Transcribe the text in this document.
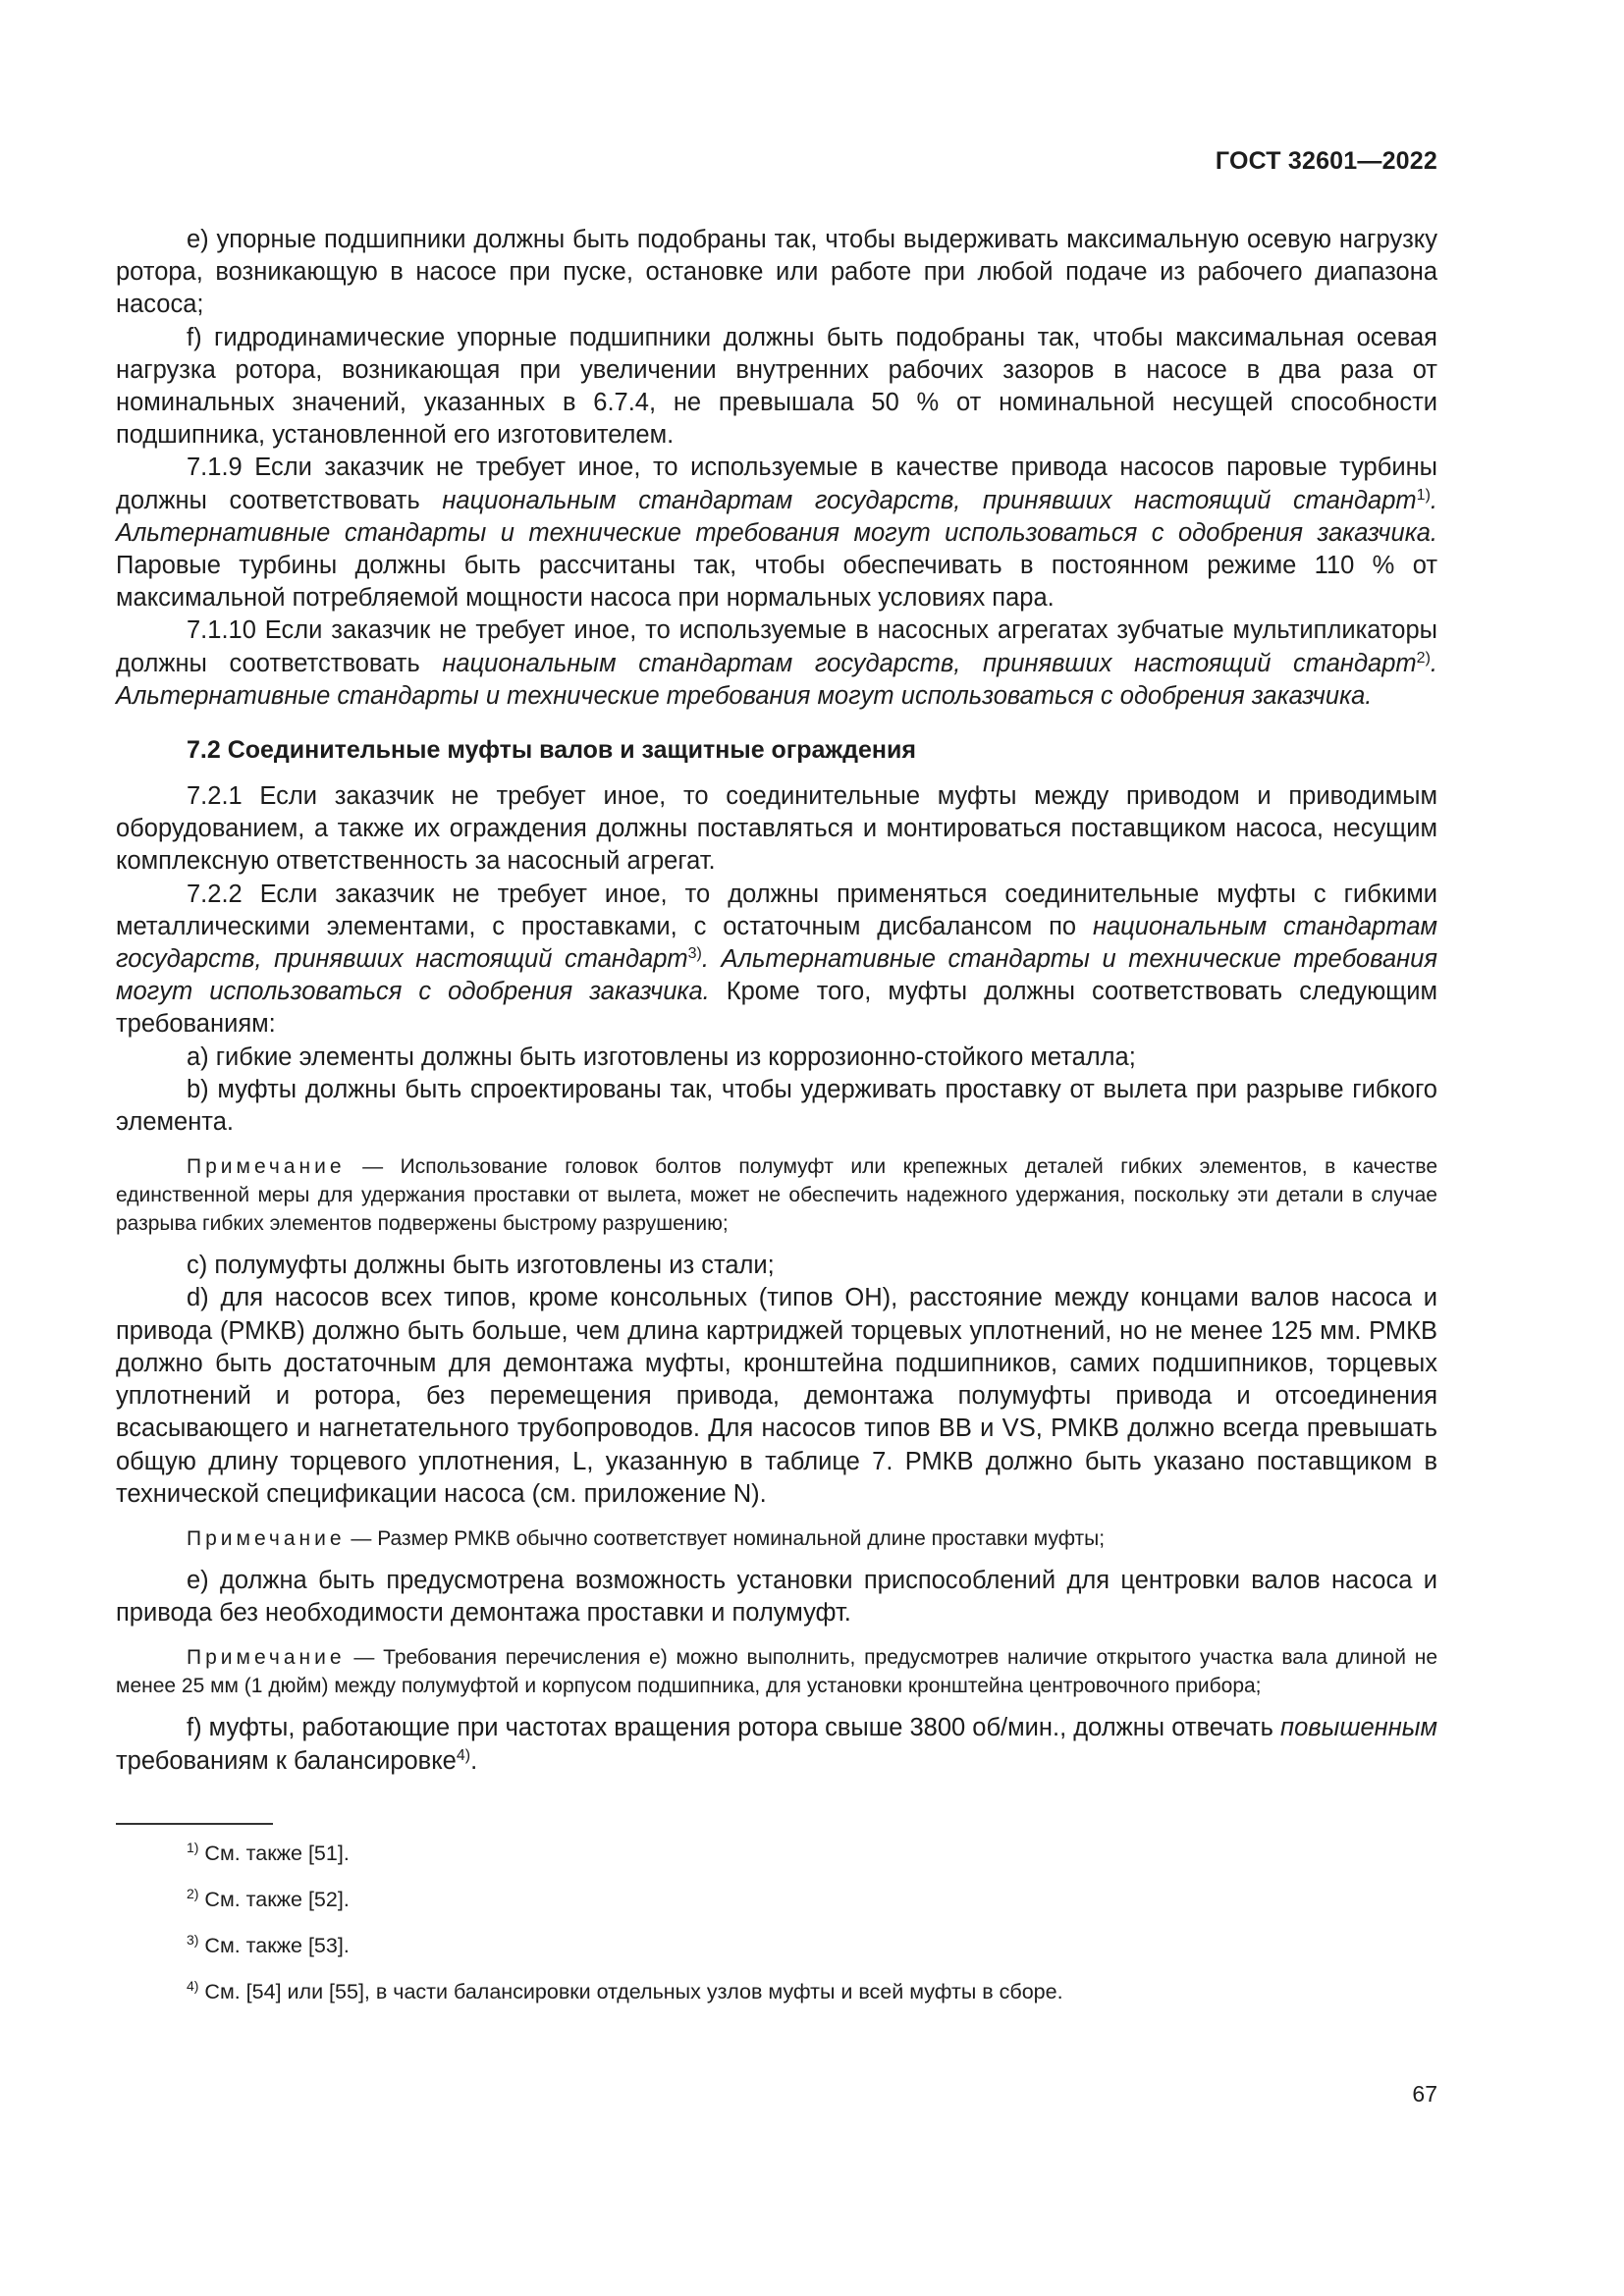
ГОСТ 32601—2022

e) упорные подшипники должны быть подобраны так, чтобы выдерживать максимальную осевую нагрузку ротора, возникающую в насосе при пуске, остановке или работе при любой подаче из рабочего диапазона насоса;

f) гидродинамические упорные подшипники должны быть подобраны так, чтобы максимальная осевая нагрузка ротора, возникающая при увеличении внутренних рабочих зазоров в насосе в два раза от номинальных значений, указанных в 6.7.4, не превышала 50 % от номинальной несущей способности подшипника, установленной его изготовителем.

7.1.9 Если заказчик не требует иное, то используемые в качестве привода насосов паровые турбины должны соответствовать национальным стандартам государств, принявших настоящий стандарт$^{1)}$. Альтернативные стандарты и технические требования могут использоваться с одобрения заказчика. Паровые турбины должны быть рассчитаны так, чтобы обеспечивать в постоянном режиме 110 % от максимальной потребляемой мощности насоса при нормальных условиях пара.

7.1.10 Если заказчик не требует иное, то используемые в насосных агрегатах зубчатые мультипликаторы должны соответствовать национальным стандартам государств, принявших настоящий стандарт$^{2)}$. Альтернативные стандарты и технические требования могут использоваться с одобрения заказчика.

7.2 Соединительные муфты валов и защитные ограждения

7.2.1 Если заказчик не требует иное, то соединительные муфты между приводом и приводимым оборудованием, а также их ограждения должны поставляться и монтироваться поставщиком насоса, несущим комплексную ответственность за насосный агрегат.

7.2.2 Если заказчик не требует иное, то должны применяться соединительные муфты с гибкими металлическими элементами, с проставками, с остаточным дисбалансом по национальным стандартам государств, принявших настоящий стандарт$^{3)}$. Альтернативные стандарты и технические требования могут использоваться с одобрения заказчика. Кроме того, муфты должны соответствовать следующим требованиям:

a) гибкие элементы должны быть изготовлены из коррозионно-стойкого металла;

b) муфты должны быть спроектированы так, чтобы удерживать проставку от вылета при разрыве гибкого элемента.

Примечание — Использование головок болтов полумуфт или крепежных деталей гибких элементов, в качестве единственной меры для удержания проставки от вылета, может не обеспечить надежного удержания, поскольку эти детали в случае разрыва гибких элементов подвержены быстрому разрушению;

c) полумуфты должны быть изготовлены из стали;

d) для насосов всех типов, кроме консольных (типов ОН), расстояние между концами валов насоса и привода (РМКВ) должно быть больше, чем длина картриджей торцевых уплотнений, но не менее 125 мм. РМКВ должно быть достаточным для демонтажа муфты, кронштейна подшипников, самих подшипников, торцевых уплотнений и ротора, без перемещения привода, демонтажа полумуфты привода и отсоединения всасывающего и нагнетательного трубопроводов. Для насосов типов ВВ и VS, РМКВ должно всегда превышать общую длину торцевого уплотнения, L, указанную в таблице 7. РМКВ должно быть указано поставщиком в технической спецификации насоса (см. приложение N).

Примечание — Размер РМКВ обычно соответствует номинальной длине проставки муфты;

e) должна быть предусмотрена возможность установки приспособлений для центровки валов насоса и привода без необходимости демонтажа проставки и полумуфт.

Примечание — Требования перечисления е) можно выполнить, предусмотрев наличие открытого участка вала длиной не менее 25 мм (1 дюйм) между полумуфтой и корпусом подшипника, для установки кронштейна центровочного прибора;

f) муфты, работающие при частотах вращения ротора свыше 3800 об/мин., должны отвечать повышенным требованиям к балансировке$^{4)}$.

$^{1)}$ См. также [51].

$^{2)}$ См. также [52].

$^{3)}$ См. также [53].

$^{4)}$ См. [54] или [55], в части балансировки отдельных узлов муфты и всей муфты в сборе.

67
